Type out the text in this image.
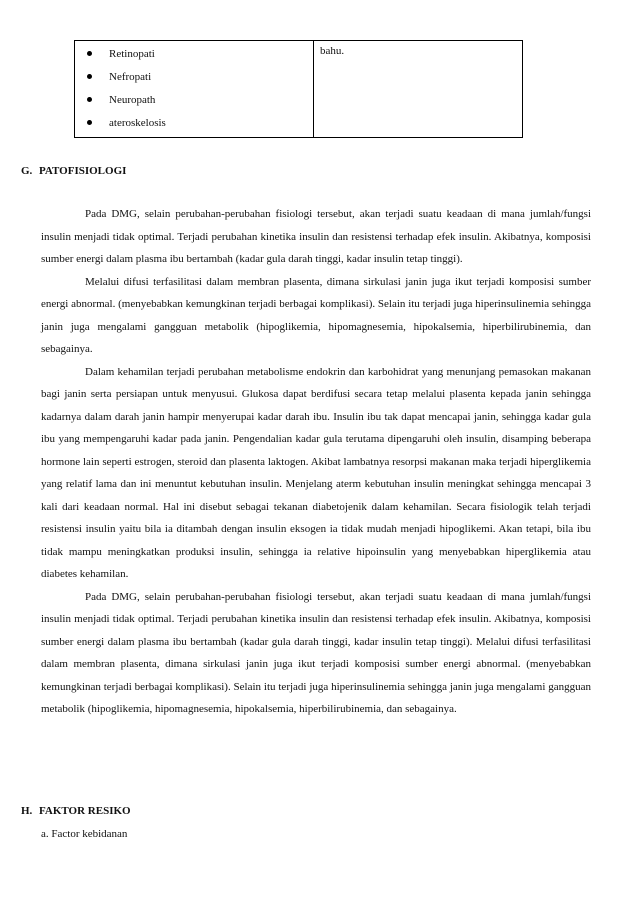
Retinopati
Nefropati
Neuropath
ateroskelosis
bahu.
G. PATOFISIOLOGI

Pada DMG, selain perubahan-perubahan fisiologi tersebut, akan terjadi suatu keadaan di mana jumlah/fungsi insulin menjadi tidak optimal. Terjadi perubahan kinetika insulin dan resistensi terhadap efek insulin. Akibatnya, komposisi sumber energi dalam plasma ibu bertambah (kadar gula darah tinggi, kadar insulin tetap tinggi).

Melalui difusi terfasilitasi dalam membran plasenta, dimana sirkulasi janin juga ikut terjadi komposisi sumber energi abnormal. (menyebabkan kemungkinan terjadi berbagai komplikasi). Selain itu terjadi juga hiperinsulinemia sehingga janin juga mengalami gangguan metabolik (hipoglikemia, hipomagnesemia, hipokalsemia, hiperbilirubinemia, dan sebagainya.

Dalam kehamilan terjadi perubahan metabolisme endokrin dan karbohidrat yang menunjang pemasokan makanan bagi janin serta persiapan untuk menyusui. Glukosa dapat berdifusi secara tetap melalui plasenta kepada janin sehingga kadarnya dalam darah janin hampir menyerupai kadar darah ibu. Insulin ibu tak dapat mencapai janin, sehingga kadar gula ibu yang mempengaruhi kadar pada janin. Pengendalian kadar gula terutama dipengaruhi oleh insulin, disamping beberapa hormone lain seperti estrogen, steroid dan plasenta laktogen. Akibat lambatnya resorpsi makanan maka terjadi hiperglikemia yang relatif lama dan ini menuntut kebutuhan insulin. Menjelang aterm kebutuhan insulin meningkat sehingga mencapai 3 kali dari keadaan normal. Hal ini disebut sebagai tekanan diabetojenik dalam kehamilan. Secara fisiologik telah terjadi resistensi insulin yaitu bila ia ditambah dengan insulin eksogen ia tidak mudah menjadi hipoglikemi. Akan tetapi, bila ibu tidak mampu meningkatkan produksi insulin, sehingga ia relative hipoinsulin yang menyebabkan hiperglikemia atau diabetes kehamilan.

Pada DMG, selain perubahan-perubahan fisiologi tersebut, akan terjadi suatu keadaan di mana jumlah/fungsi insulin menjadi tidak optimal. Terjadi perubahan kinetika insulin dan resistensi terhadap efek insulin. Akibatnya, komposisi sumber energi dalam plasma ibu bertambah (kadar gula darah tinggi, kadar insulin tetap tinggi). Melalui difusi terfasilitasi dalam membran plasenta, dimana sirkulasi janin juga ikut terjadi komposisi sumber energi abnormal. (menyebabkan kemungkinan terjadi berbagai komplikasi). Selain itu terjadi juga hiperinsulinemia sehingga janin juga mengalami gangguan metabolik (hipoglikemia, hipomagnesemia, hipokalsemia, hiperbilirubinemia, dan sebagainya.

H. FAKTOR RESIKO
a. Factor kebidanan
